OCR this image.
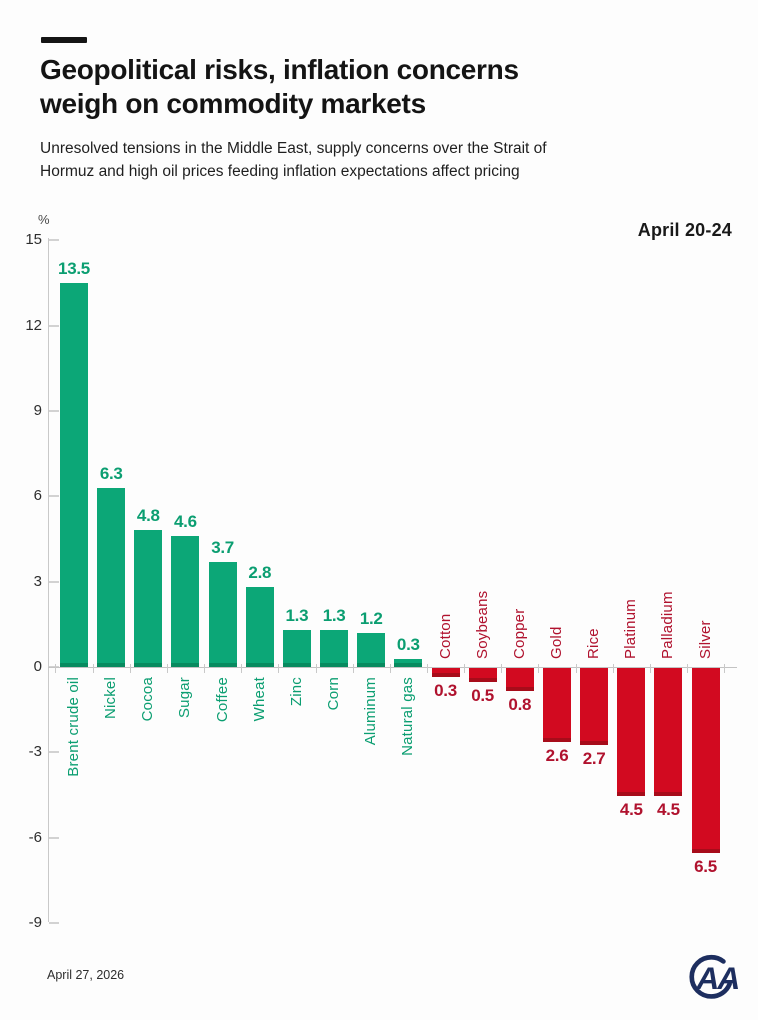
Geopolitical risks, inflation concerns
weigh on commodity markets

Unresolved tensions in the Middle East, supply concerns over the Strait of
Hormuz and high oil prices feeding inflation expectations affect pricing

%
April 20-24
15
12
9
6
3
0
-3
-6
-9
13.5
Brent crude oil
6.3
Nickel
4.8
Cocoa
4.6
Sugar
3.7
Coffee
2.8
Wheat
1.3
Zinc
1.3
Corn
1.2
Aluminum
0.3
Natural gas 0.3
Cotton
0.5
Soybeans
0.8
Copper
2.6
Gold
2.7
Rice
4.5
Platinum
4.5
Palladium
6.5
Silver
April 27, 2026	AA
